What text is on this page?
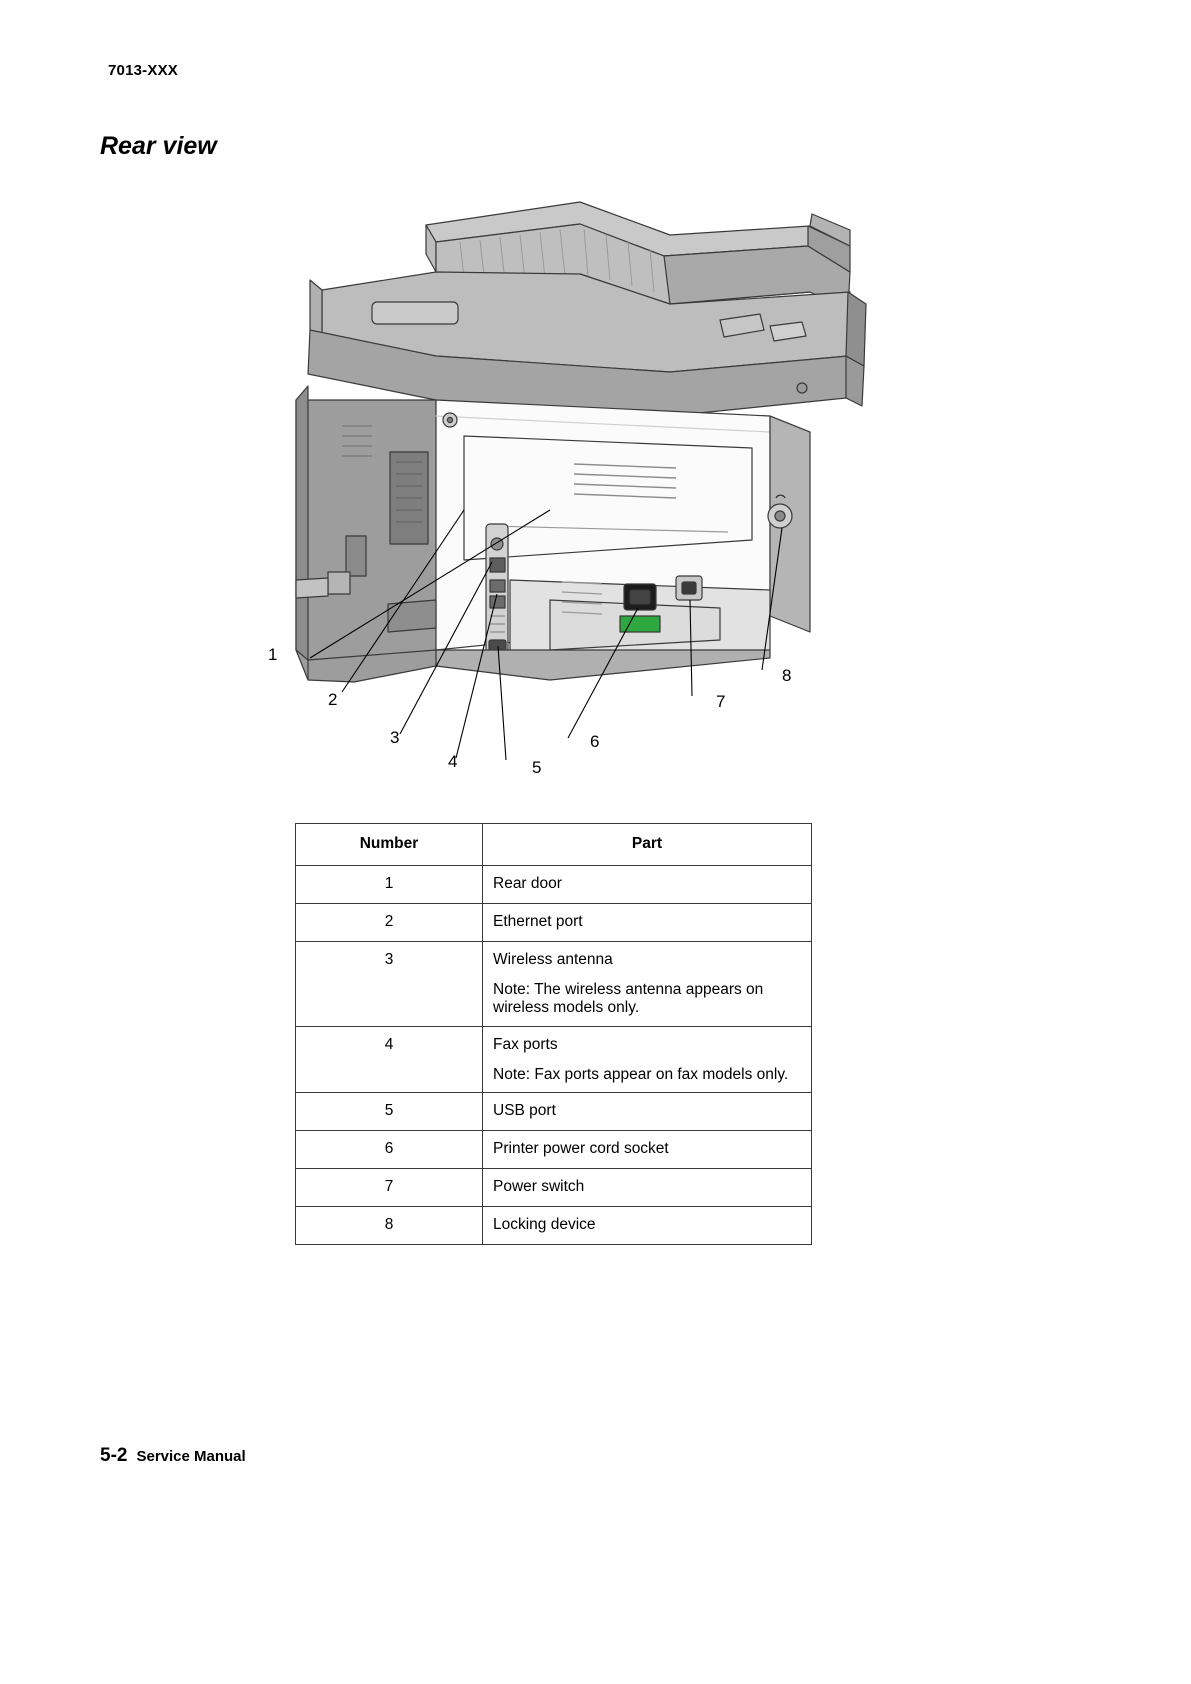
7013-XXX
Rear view
1
2
3
4	5
6
7
8
Number	Part
1	Rear door
2	Ethernet port
3	Wireless antenna
Note: The wireless antenna appears on wireless models only.

4	Fax ports
Note: Fax ports appear on fax models only.

5	USB port
6	Printer power cord socket
7	Power switch
8	Locking device
5-2 Service Manual
